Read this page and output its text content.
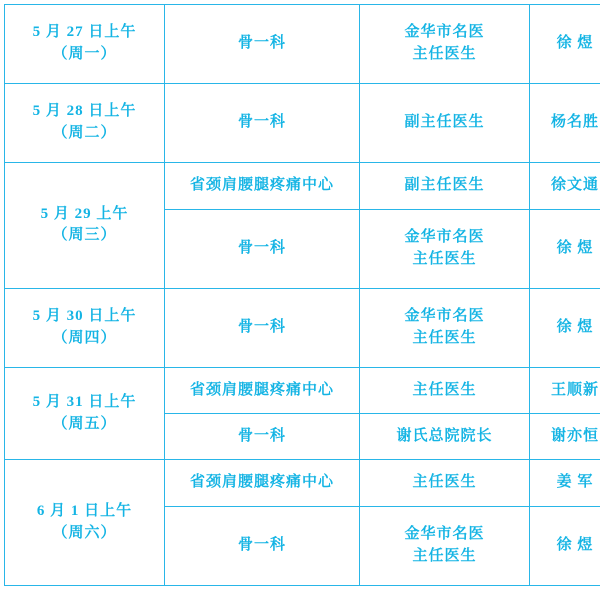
5 月 27 日上午
（周一）	骨一科	金华市名医
主任医生	徐 煜

5 月 28 日上午
（周二）	骨一科	副主任医生	杨名胜

5 月 29 上午
（周三）	省颈肩腰腿疼痛中心	副主任医生	徐文通
	骨一科	金华市名医
主任医生	徐 煜

5 月 30 日上午
（周四）	骨一科	金华市名医
主任医生	徐 煜

5 月 31 日上午
（周五）	省颈肩腰腿疼痛中心	主任医生	王顺新
	骨一科	谢氏总院院长	谢亦恒

6 月 1 日上午
（周六）	省颈肩腰腿疼痛中心	主任医生	姜 军
	骨一科	金华市名医
主任医生	徐 煜
